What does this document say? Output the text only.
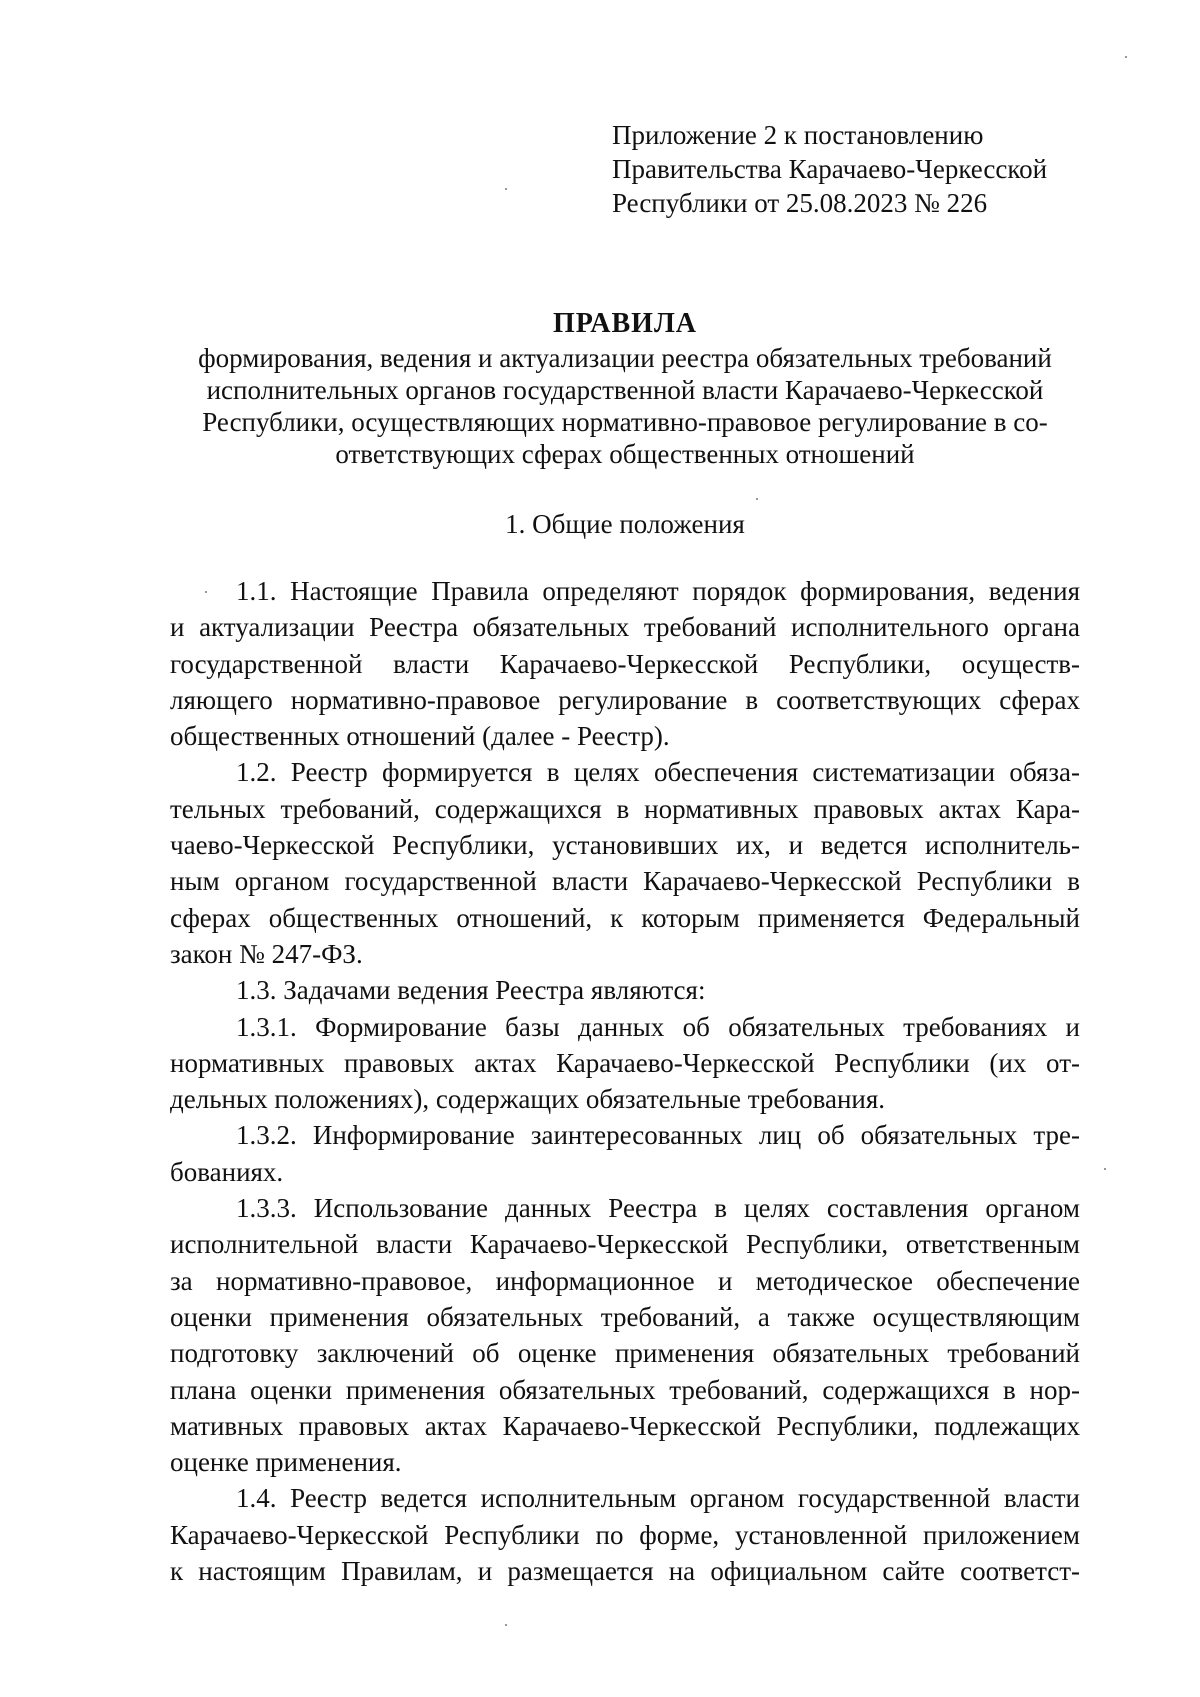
Приложение 2 к постановлению
Правительства Карачаево-Черкесской
Республики от 25.08.2023 № 226
ПРАВИЛА
формирования, ведения и актуализации реестра обязательных требований
исполнительных органов государственной власти Карачаево-Черкесской
Республики, осуществляющих нормативно-правовое регулирование в со-
ответствующих сферах общественных отношений
1. Общие положения
1.1. Настоящие Правила определяют порядок формирования, ведения
и актуализации Реестра обязательных требований исполнительного органа
государственной власти Карачаево-Черкесской Республики, осуществ-
ляющего нормативно-правовое регулирование в соответствующих сферах
общественных отношений (далее - Реестр).
1.2. Реестр формируется в целях обеспечения систематизации обяза-
тельных требований, содержащихся в нормативных правовых актах Кара-
чаево-Черкесской Республики, установивших их, и ведется исполнитель-
ным органом государственной власти Карачаево-Черкесской Республики в
сферах общественных отношений, к которым применяется Федеральный
закон № 247-ФЗ.
1.3. Задачами ведения Реестра являются:
1.3.1. Формирование базы данных об обязательных требованиях и
нормативных правовых актах Карачаево-Черкесской Республики (их от-
дельных положениях), содержащих обязательные требования.
1.3.2. Информирование заинтересованных лиц об обязательных тре-
бованиях.
1.3.3. Использование данных Реестра в целях составления органом
исполнительной власти Карачаево-Черкесской Республики, ответственным
за нормативно-правовое, информационное и методическое обеспечение
оценки применения обязательных требований, а также осуществляющим
подготовку заключений об оценке применения обязательных требований
плана оценки применения обязательных требований, содержащихся в нор-
мативных правовых актах Карачаево-Черкесской Республики, подлежащих
оценке применения.
1.4. Реестр ведется исполнительным органом государственной власти
Карачаево-Черкесской Республики по форме, установленной приложением
к настоящим Правилам, и размещается на официальном сайте соответст-
